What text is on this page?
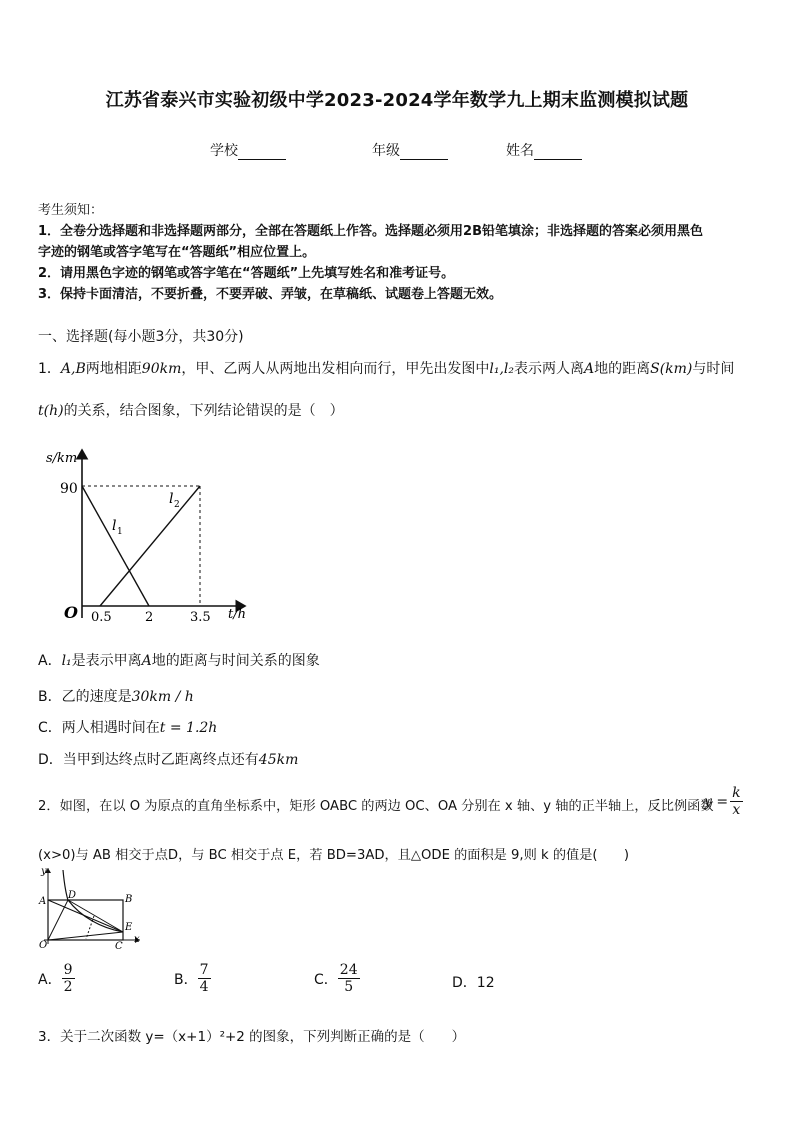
江苏省泰兴市实验初级中学2023-2024学年数学九上期末监测模拟试题
学校	年级	姓名
考生须知：
1．全卷分选择题和非选择题两部分，全部在答题纸上作答。选择题必须用2B铅笔填涂；非选择题的答案必须用黑色
字迹的钢笔或答字笔写在“答题纸”相应位置上。
2．请用黑色字迹的钢笔或答字笔在“答题纸”上先填写姓名和准考证号。
3．保持卡面清洁，不要折叠，不要弄破、弄皱，在草稿纸、试题卷上答题无效。
一、选择题(每小题3分，共30分)
1．A,B两地相距90km，甲、乙两人从两地出发相向而行，甲先出发图中l₁,l₂表示两人离A地的距离S(km)与时间
t(h)的关系，结合图象，下列结论错误的是（　）
s/km
90
O 0.5	2	3.5 t/h
l 1
l 2
A．l₁是表示甲离A地的距离与时间关系的图象
B．乙的速度是30km / h
C．两人相遇时间在t = 1.2h
D．当甲到达终点时乙距离终点还有45km
2．如图，在以 O 为原点的直角坐标系中，矩形 OABC 的两边 OC、OA 分别在 x 轴、y 轴的正半轴上，反比例函数
$y = \frac{k}{x}$
(x>0)与 AB 相交于点D，与 BC 相交于点 E，若 BD=3AD，且△ODE 的面积是 9,则 k 的值是(　　)
y
x
O
A	B
C
D
E
A． $\frac{9}{2}$	B． $\frac{7}{4}$	C． $\frac{24}{5}$	D．12
3．关于二次函数 y=（x+1）²+2 的图象，下列判断正确的是（　　）
